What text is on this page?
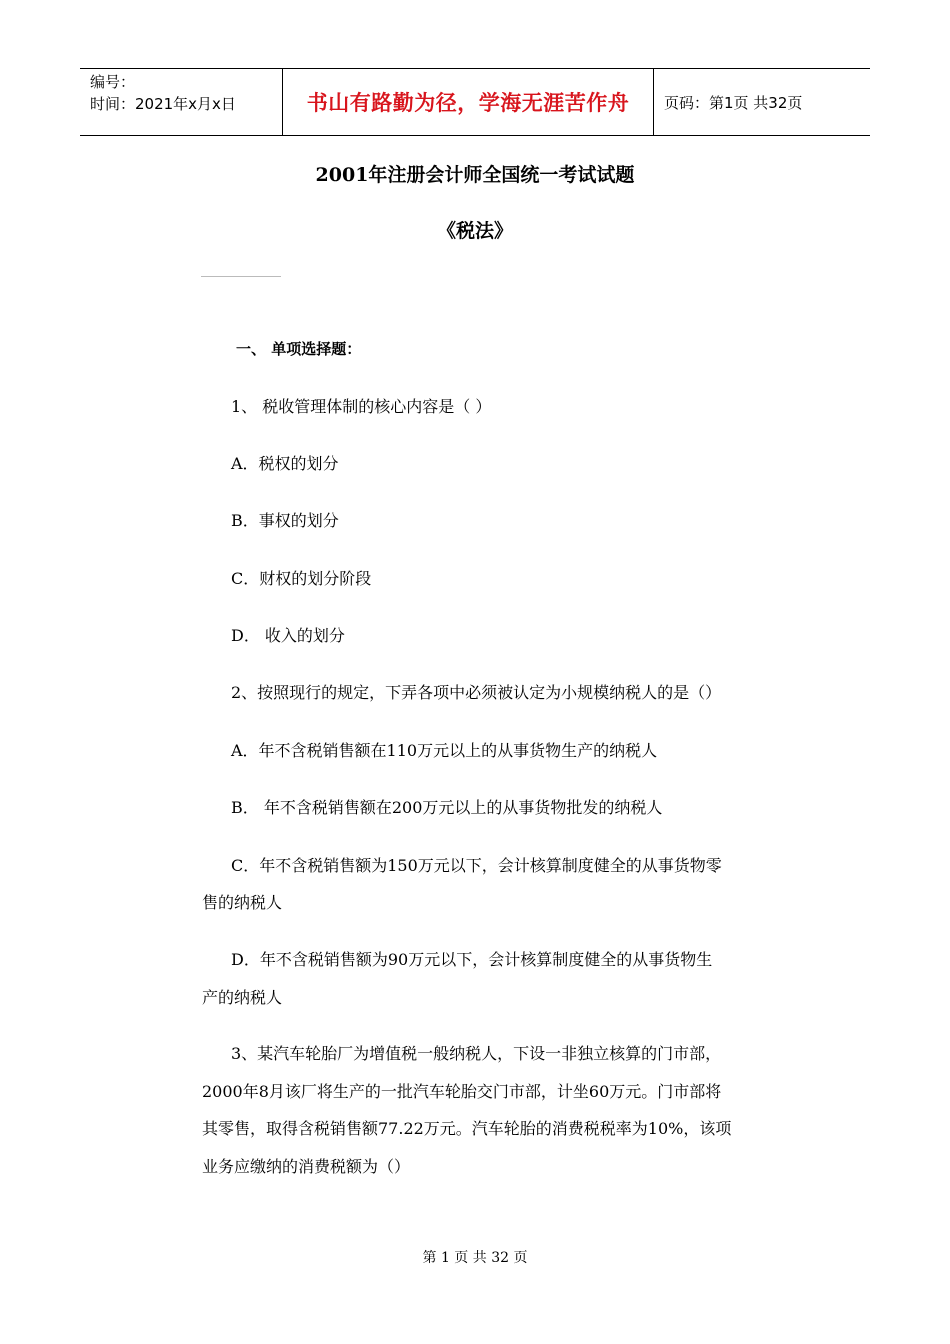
编号：
时间：2021年x月x日	书山有路勤为径，学海无涯苦作舟	页码：第1页 共32页
2001年注册会计师全国统一考试试题
《税法》
一、 单项选择题：
1、 税收管理体制的核心内容是（ ）
A．税权的划分
B．事权的划分
C．财权的划分阶段
D． 收入的划分
2、按照现行的规定，下弄各项中必须被认定为小规模纳税人的是（）
A．年不含税销售额在110万元以上的从事货物生产的纳税人
B． 年不含税销售额在200万元以上的从事货物批发的纳税人
C．年不含税销售额为150万元以下，会计核算制度健全的从事货物零
售的纳税人
D．年不含税销售额为90万元以下，会计核算制度健全的从事货物生
产的纳税人
3、某汽车轮胎厂为增值税一般纳税人，下设一非独立核算的门市部，
2000年8月该厂将生产的一批汽车轮胎交门市部，计坐60万元。门市部将
其零售，取得含税销售额77.22万元。汽车轮胎的消费税税率为10%，该项
业务应缴纳的消费税额为（）
第 1 页 共 32 页
